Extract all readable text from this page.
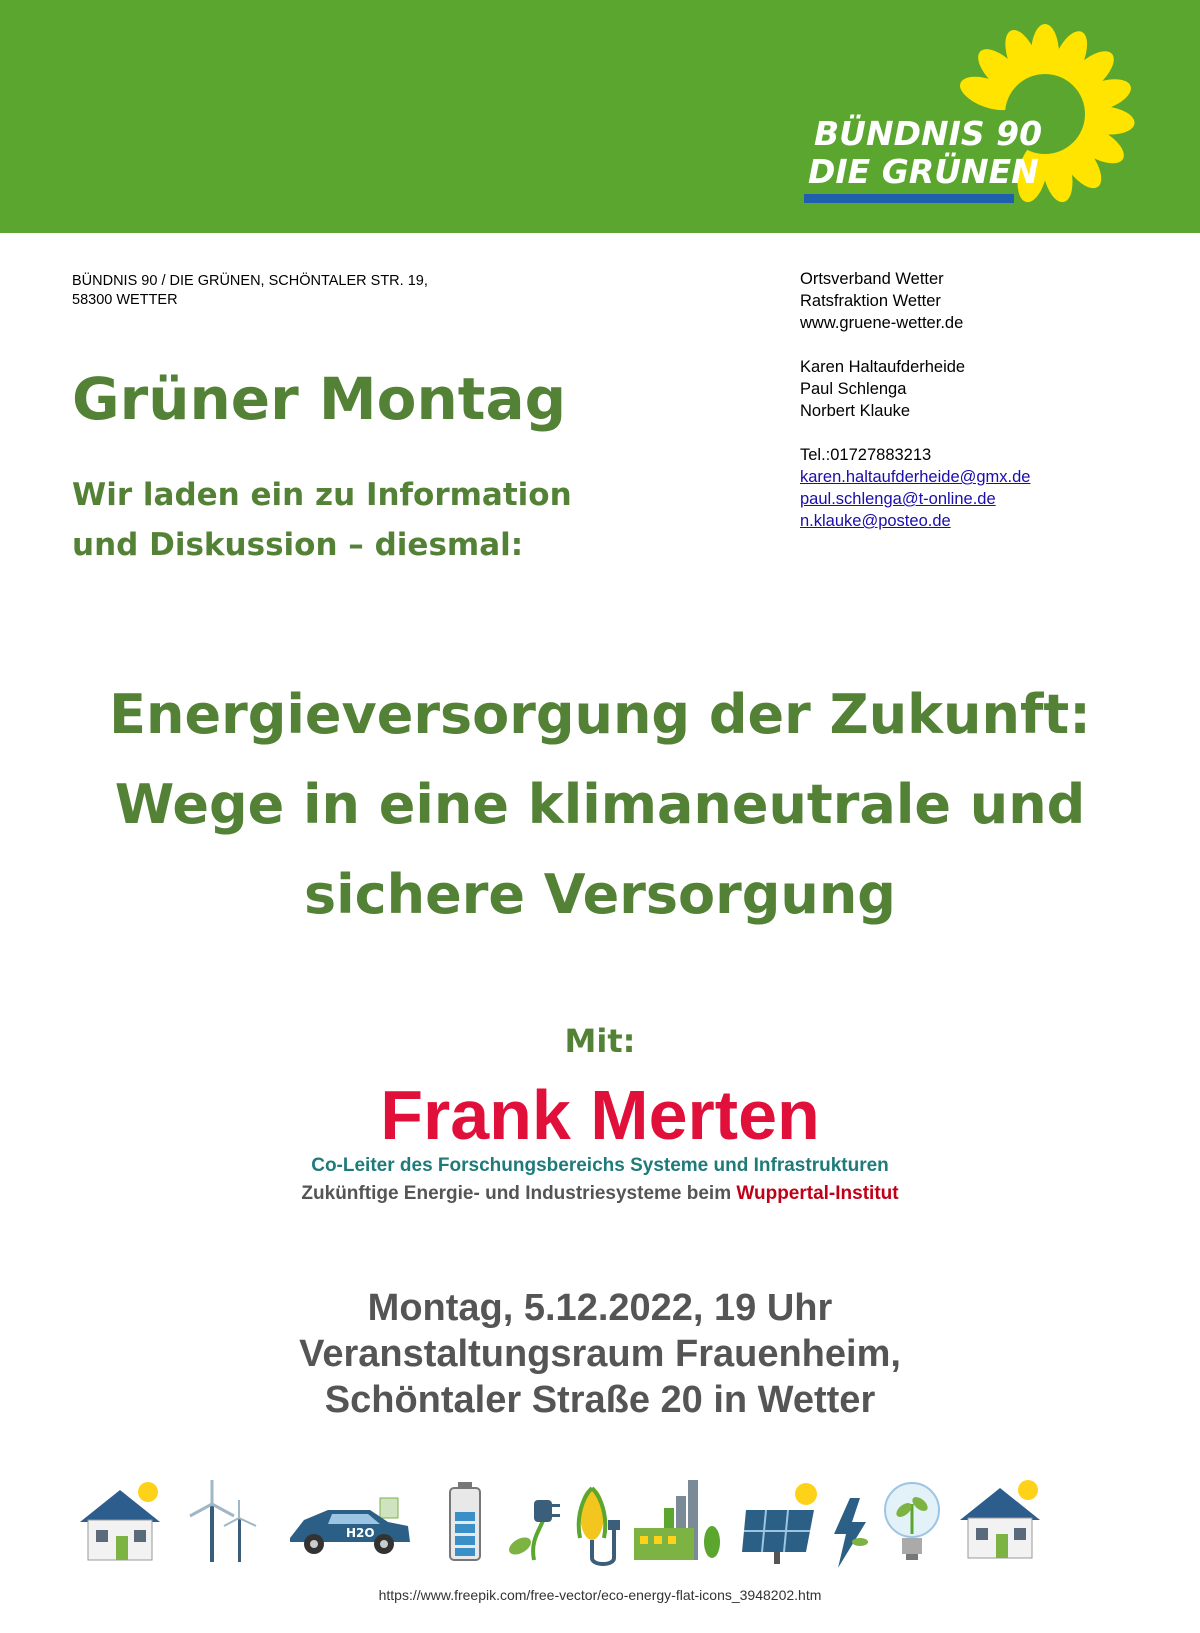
BÜNDNIS 90
DIE GRÜNEN
BÜNDNIS 90 / DIE GRÜNEN, SCHÖNTALER STR. 19,
58300 WETTER
Ortsverband Wetter
Ratsfraktion Wetter
www.gruene-wetter.de
Karen Haltaufderheide
Paul Schlenga
Norbert Klauke
Tel.:01727883213
karen.haltaufderheide@gmx.de
paul.schlenga@t-online.de
n.klauke@posteo.de
Grüner Montag
Wir laden ein zu Information
und Diskussion – diesmal:
Energieversorgung der Zukunft:
Wege in eine klimaneutrale und
sichere Versorgung
Mit:
Frank Merten
Co-Leiter des Forschungsbereichs Systeme und Infrastrukturen
Zukünftige Energie- und Industriesysteme beim Wuppertal-Institut
Montag, 5.12.2022, 19 Uhr
Veranstaltungsraum Frauenheim,
Schöntaler Straße 20 in Wetter
H2O
https://www.freepik.com/free-vector/eco-energy-flat-icons_3948202.htm
